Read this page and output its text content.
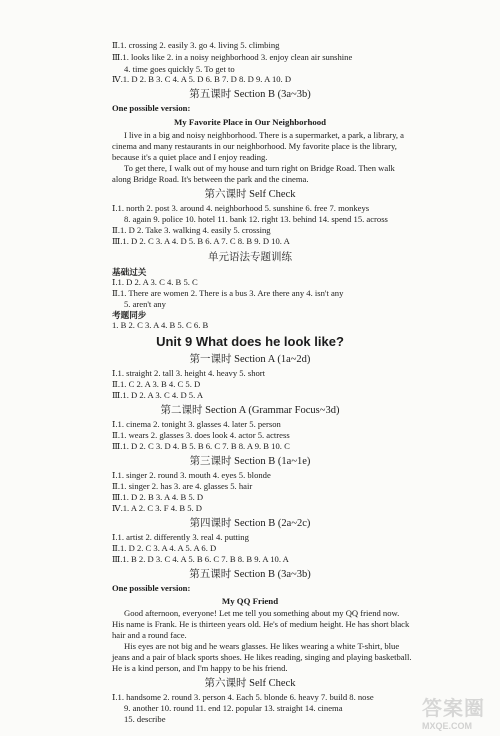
Ⅱ.1. crossing 2. easily 3. go 4. living 5. climbing
Ⅲ.1. looks like 2. in a noisy neighborhood 3. enjoy clean air sunshine
4. time goes quickly 5. To get to
Ⅳ.1. D 2. B 3. C 4. A 5. D 6. B 7. D 8. D 9. A 10. D
第五课时 Section B (3a~3b)
One possible version:
My Favorite Place in Our Neighborhood
I live in a big and noisy neighborhood. There is a supermarket, a park, a library, a
cinema and many restaurants in our neighborhood. My favorite place is the library,
because it's a quiet place and I enjoy reading.
To get there, I walk out of my house and turn right on Bridge Road. Then walk
along Bridge Road. It's between the park and the cinema.
第六课时 Self Check
Ⅰ.1. north 2. post 3. around 4. neighborhood 5. sunshine 6. free 7. monkeys
8. again 9. police 10. hotel 11. bank 12. right 13. behind 14. spend 15. across
Ⅱ.1. D 2. Take 3. walking 4. easily 5. crossing
Ⅲ.1. D 2. C 3. A 4. D 5. B 6. A 7. C 8. B 9. D 10. A
单元语法专题训练
基础过关
Ⅰ.1. D 2. A 3. C 4. B 5. C
Ⅱ.1. There are women 2. There is a bus 3. Are there any 4. isn't any
5. aren't any
考题同步
1. B 2. C 3. A 4. B 5. C 6. B
Unit 9 What does he look like?
第一课时 Section A (1a~2d)
Ⅰ.1. straight 2. tall 3. height 4. heavy 5. short
Ⅱ.1. C 2. A 3. B 4. C 5. D
Ⅲ.1. D 2. A 3. C 4. D 5. A
第二课时 Section A (Grammar Focus~3d)
Ⅰ.1. cinema 2. tonight 3. glasses 4. later 5. person
Ⅱ.1. wears 2. glasses 3. does look 4. actor 5. actress
Ⅲ.1. D 2. C 3. D 4. B 5. B 6. C 7. B 8. A 9. B 10. C
第三课时 Section B (1a~1e)
Ⅰ.1. singer 2. round 3. mouth 4. eyes 5. blonde
Ⅱ.1. singer 2. has 3. are 4. glasses 5. hair
Ⅲ.1. D 2. B 3. A 4. B 5. D
Ⅳ.1. A 2. C 3. F 4. B 5. D
第四课时 Section B (2a~2c)
Ⅰ.1. artist 2. differently 3. real 4. putting
Ⅱ.1. D 2. C 3. A 4. A 5. A 6. D
Ⅲ.1. B 2. D 3. C 4. A 5. B 6. C 7. B 8. B 9. A 10. A
第五课时 Section B (3a~3b)
One possible version:
My QQ Friend
Good afternoon, everyone! Let me tell you something about my QQ friend now.
His name is Frank. He is thirteen years old. He's of medium height. He has short black
hair and a round face.
His eyes are not big and he wears glasses. He likes wearing a white T-shirt, blue
jeans and a pair of black sports shoes. He likes reading, singing and playing basketball.
He is a kind person, and I'm happy to be his friend.
第六课时 Self Check
Ⅰ.1. handsome 2. round 3. person 4. Each 5. blonde 6. heavy 7. build 8. nose
9. another 10. round 11. end 12. popular 13. straight 14. cinema
15. describe	答案圈
MXQE.COM
